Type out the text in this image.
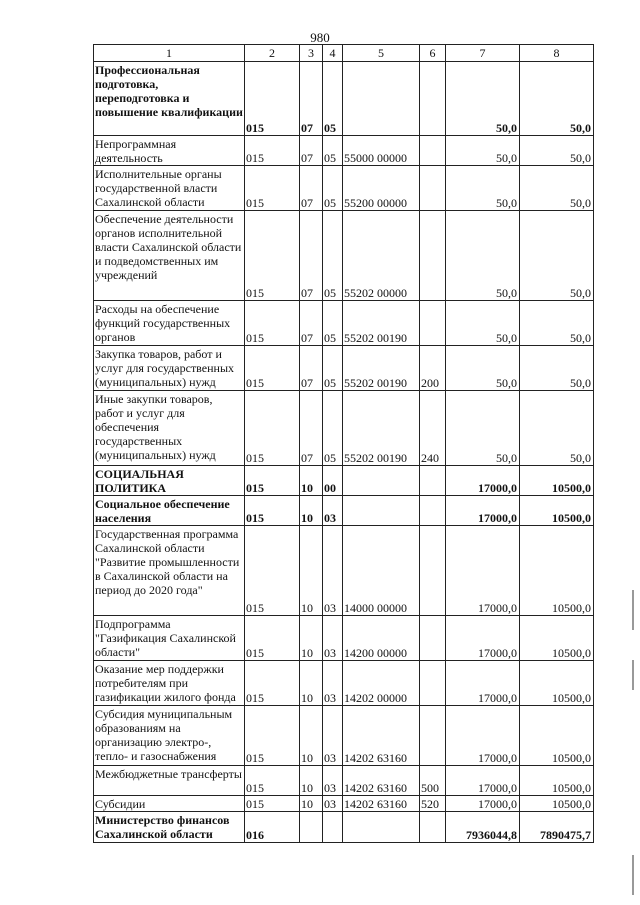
980
1	2	3	4	5	6	7	8
Профессиональная подготовка, переподготовка и повышение квалификации	015	07	05			50,0	50,0
Непрограммная деятельность	015	07	05	55000 00000		50,0	50,0
Исполнительные органы государственной власти Сахалинской области	015	07	05	55200 00000		50,0	50,0
Обеспечение деятельности органов исполнительной власти Сахалинской области и подведомственных им учреждений	015	07	05	55202 00000		50,0	50,0
Расходы на обеспечение функций государственных органов	015	07	05	55202 00190		50,0	50,0
Закупка товаров, работ и услуг для государственных (муниципальных) нужд	015	07	05	55202 00190	200	50,0	50,0
Иные закупки товаров, работ и услуг для обеспечения государственных (муниципальных) нужд	015	07	05	55202 00190	240	50,0	50,0
СОЦИАЛЬНАЯ ПОЛИТИКА	015	10	00			17000,0	10500,0
Социальное обеспечение населения	015	10	03			17000,0	10500,0
Государственная программа Сахалинской области "Развитие промышленности в Сахалинской области на период до 2020 года"	015	10	03	14000 00000		17000,0	10500,0
Подпрограмма "Газификация Сахалинской области"	015	10	03	14200 00000		17000,0	10500,0
Оказание мер поддержки потребителям при газификации жилого фонда	015	10	03	14202 00000		17000,0	10500,0
Субсидия муниципальным образованиям на организацию электро-, тепло- и газоснабжения	015	10	03	14202 63160		17000,0	10500,0
Межбюджетные трансферты	015	10	03	14202 63160	500	17000,0	10500,0
Субсидии	015	10	03	14202 63160	520	17000,0	10500,0
Министерство финансов Сахалинской области	016					7936044,8	7890475,7
